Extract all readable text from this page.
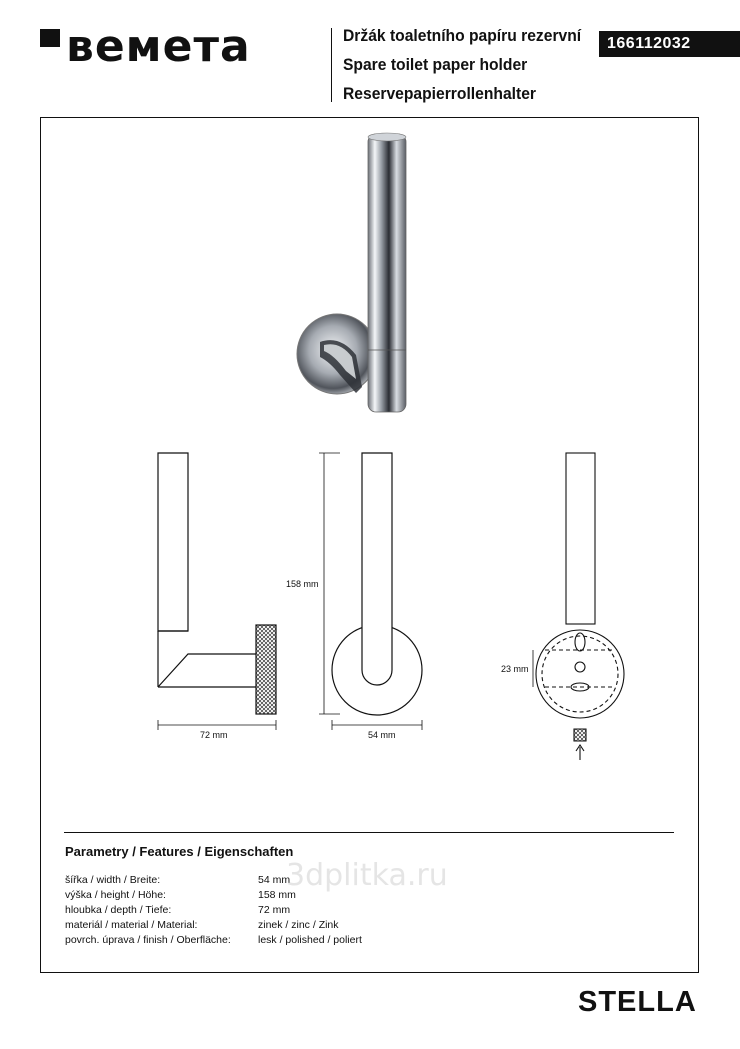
вемета	Držák toaletního papíru rezervní
Spare toilet paper holder
Reservepapierrollenhalter
166112032
158 mm
72 mm	54 mm
23 mm
Parametry / Features / Eigenschaften
šířka / width / Breite:	54 mm
výška / height / Höhe:	158 mm
hloubka / depth / Tiefe:	72 mm
materiál / material / Material:	zinek / zinc / Zink
povrch. úprava / finish / Oberfläche:	lesk / polished / poliert
3dplitka.ru
STELLA
